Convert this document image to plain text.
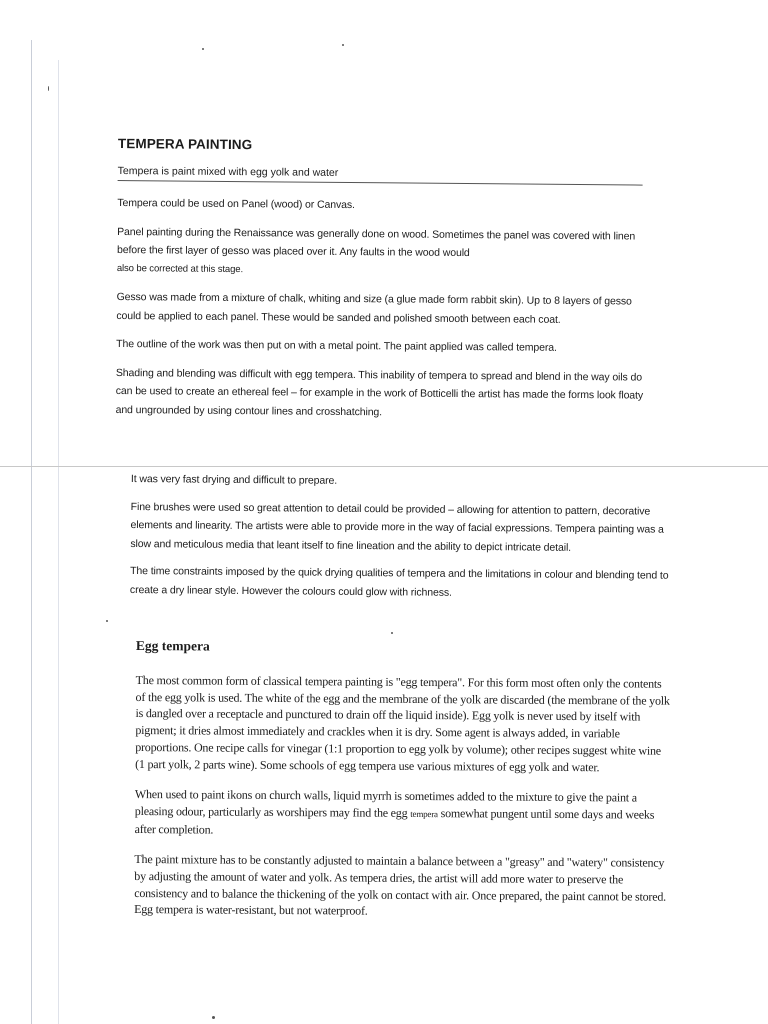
TEMPERA PAINTING
Tempera is paint mixed with egg yolk and water

Tempera could be used on Panel (wood) or Canvas.

Panel painting during the Renaissance was generally done on wood. Sometimes the panel was covered with linen before the first layer of gesso was placed over it. Any faults in the wood would

also be corrected at this stage.

Gesso was made from a mixture of chalk, whiting and size (a glue made form rabbit skin). Up to 8 layers of gesso could be applied to each panel. These would be sanded and polished smooth between each coat.

The outline of the work was then put on with a metal point. The paint applied was called tempera.

Shading and blending was difficult with egg tempera. This inability of tempera to spread and blend in the way oils do can be used to create an ethereal feel – for example in the work of Botticelli the artist has made the forms look floaty and ungrounded by using contour lines and crosshatching.

It was very fast drying and difficult to prepare.

Fine brushes were used so great attention to detail could be provided – allowing for attention to pattern, decorative elements and linearity. The artists were able to provide more in the way of facial expressions. Tempera painting was a slow and meticulous media that leant itself to fine lineation and the ability to depict intricate detail.

The time constraints imposed by the quick drying qualities of tempera and the limitations in colour and blending tend to create a dry linear style. However the colours could glow with richness.

Egg tempera

The most common form of classical tempera painting is "egg tempera". For this form most often only the contents of the egg yolk is used. The white of the egg and the membrane of the yolk are discarded (the membrane of the yolk is dangled over a receptacle and punctured to drain off the liquid inside). Egg yolk is never used by itself with pigment; it dries almost immediately and crackles when it is dry. Some agent is always added, in variable proportions. One recipe calls for vinegar (1:1 proportion to egg yolk by volume); other recipes suggest white wine (1 part yolk, 2 parts wine). Some schools of egg tempera use various mixtures of egg yolk and water.

When used to paint ikons on church walls, liquid myrrh is sometimes added to the mixture to give the paint a pleasing odour, particularly as worshipers may find the egg tempera somewhat pungent until some days and weeks after completion.

The paint mixture has to be constantly adjusted to maintain a balance between a "greasy" and "watery" consistency by adjusting the amount of water and yolk. As tempera dries, the artist will add more water to preserve the consistency and to balance the thickening of the yolk on contact with air. Once prepared, the paint cannot be stored. Egg tempera is water-resistant, but not waterproof.
